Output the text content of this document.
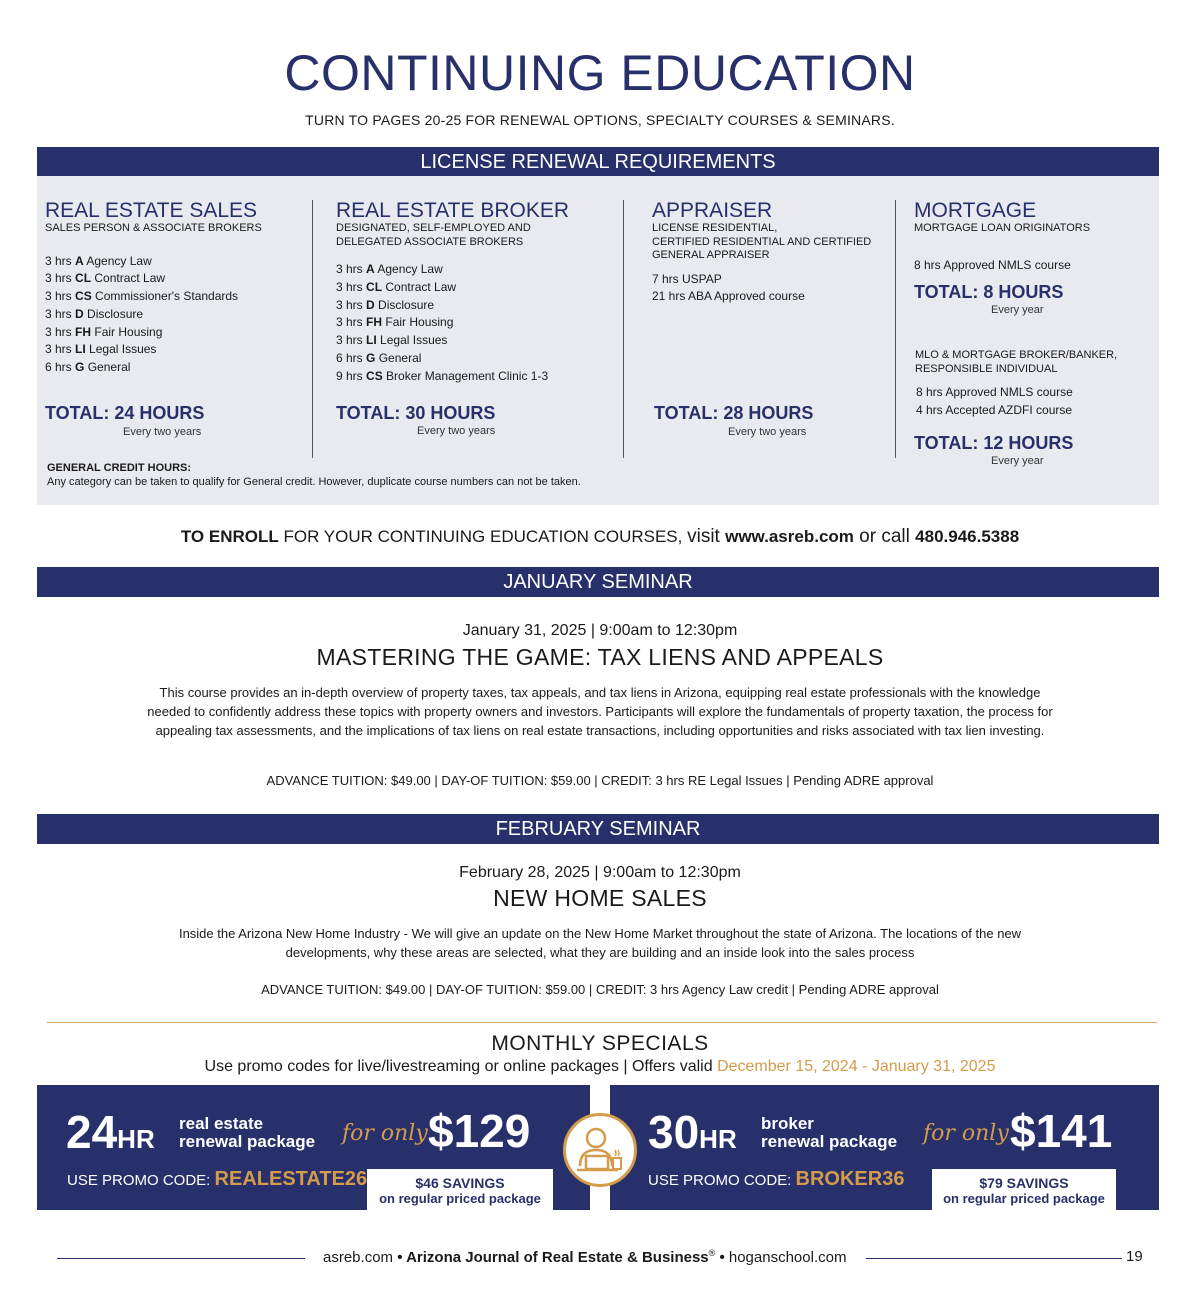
CONTINUING EDUCATION
TURN TO PAGES 20-25 FOR RENEWAL OPTIONS, SPECIALTY COURSES & SEMINARS.
LICENSE RENEWAL REQUIREMENTS
REAL ESTATE SALES
SALES PERSON & ASSOCIATE BROKERS
3 hrs A Agency Law
3 hrs CL Contract Law
3 hrs CS Commissioner's Standards
3 hrs D Disclosure
3 hrs FH Fair Housing
3 hrs LI Legal Issues
6 hrs G General
TOTAL: 24 HOURS
Every two years
REAL ESTATE BROKER
DESIGNATED, SELF-EMPLOYED AND
DELEGATED ASSOCIATE BROKERS
3 hrs A Agency Law
3 hrs CL Contract Law
3 hrs D Disclosure
3 hrs FH Fair Housing
3 hrs LI Legal Issues
6 hrs G General
9 hrs CS Broker Management Clinic 1-3
TOTAL: 30 HOURS
Every two years
APPRAISER
LICENSE RESIDENTIAL,
CERTIFIED RESIDENTIAL AND CERTIFIED
GENERAL APPRAISER
7 hrs USPAP
21 hrs ABA Approved course
TOTAL: 28 HOURS
Every two years
MORTGAGE
MORTGAGE LOAN ORIGINATORS
8 hrs Approved NMLS course
TOTAL: 8 HOURS
Every year
MLO & MORTGAGE BROKER/BANKER,
RESPONSIBLE INDIVIDUAL
8 hrs Approved NMLS course
4 hrs Accepted AZDFI course
TOTAL: 12 HOURS
Every year
GENERAL CREDIT HOURS:
Any category can be taken to qualify for General credit. However, duplicate course numbers can not be taken.
TO ENROLL FOR YOUR CONTINUING EDUCATION COURSES, visit www.asreb.com or call 480.946.5388
JANUARY SEMINAR
January 31, 2025 | 9:00am to 12:30pm
MASTERING THE GAME: TAX LIENS AND APPEALS
This course provides an in-depth overview of property taxes, tax appeals, and tax liens in Arizona, equipping real estate professionals with the knowledge needed to confidently address these topics with property owners and investors. Participants will explore the fundamentals of property taxation, the process for appealing tax assessments, and the implications of tax liens on real estate transactions, including opportunities and risks associated with tax lien investing.
ADVANCE TUITION: $49.00 | DAY-OF TUITION: $59.00 | CREDIT: 3 hrs RE Legal Issues | Pending ADRE approval
FEBRUARY SEMINAR
February 28, 2025 | 9:00am to 12:30pm
NEW HOME SALES
Inside the Arizona New Home Industry - We will give an update on the New Home Market throughout the state of Arizona. The locations of the new developments, why these areas are selected, what they are building and an inside look into the sales process
ADVANCE TUITION: $49.00 | DAY-OF TUITION: $59.00 | CREDIT: 3 hrs Agency Law credit | Pending ADRE approval
MONTHLY SPECIALS
Use promo codes for live/livestreaming or online packages | Offers valid December 15, 2024 - January 31, 2025
24HR
real estate
renewal package for only $129
USE PROMO CODE: REALESTATE26	$46 SAVINGS
on regular priced package
30HR
broker
renewal package for only $141
USE PROMO CODE: BROKER36	$79 SAVINGS
on regular priced package
asreb.com • Arizona Journal of Real Estate & Business® • hoganschool.com	19
